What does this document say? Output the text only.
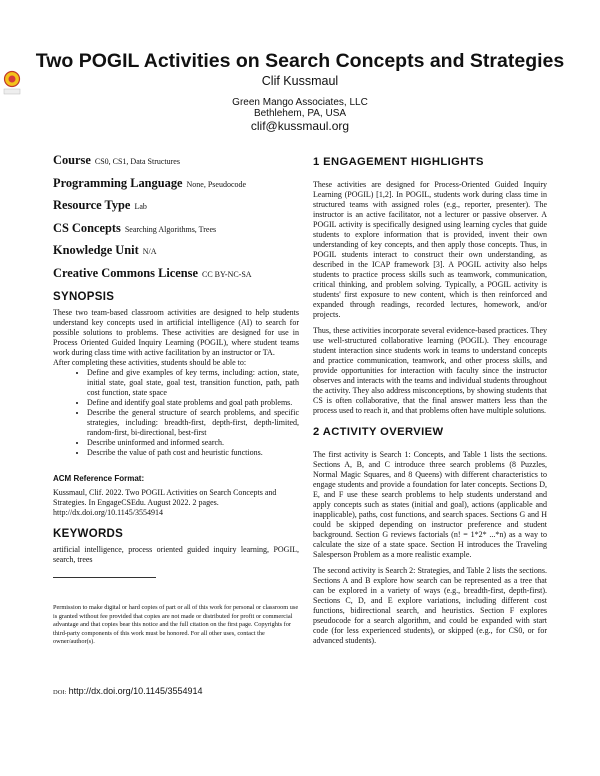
Two POGIL Activities on Search Concepts and Strategies
Clif Kussmaul
Green Mango Associates, LLC
Bethlehem, PA, USA
clif@kussmaul.org
Course CS0, CS1, Data Structures
Programming Language None, Pseudocode
Resource Type Lab
CS Concepts Searching Algorithms, Trees
Knowledge Unit N/A
Creative Commons License CC BY-NC-SA
SYNOPSIS

These two team-based classroom activities are designed to help students understand key concepts used in artificial intelligence (AI) to search for possible solutions to problems. These activities are designed for use in Process Oriented Guided Inquiry Learning (POGIL), where student teams work during class time with active facilitation by an instructor or TA.

After completing these activities, students should be able to:

• Define and give examples of key terms, including: action, state, initial state, goal state, goal test, transition function, path, path cost function, state space
• Define and identify goal state problems and goal path problems.
• Describe the general structure of search problems, and specific strategies, including: breadth-first, depth-first, depth-limited, random-first, bi-directional, best-first
• Describe uninformed and informed search.
• Describe the value of path cost and heuristic functions.
ACM Reference Format:

Kussmaul, Clif. 2022. Two POGIL Activities on Search Concepts and Strategies. In EngageCSEdu. August 2022. 2 pages. http://dx.doi.org/10.1145/3554914

KEYWORDS

artificial intelligence, process oriented guided inquiry learning, POGIL, search, trees

Permission to make digital or hard copies of part or all of this work for personal or classroom use is granted without fee provided that copies are not made or distributed for profit or commercial advantage and that copies bear this notice and the full citation on the first page. Copyrights for third-party components of this work must be honored. For all other uses, contact the owner/author(s).
DOI: http://dx.doi.org/10.1145/3554914
1 ENGAGEMENT HIGHLIGHTS

These activities are designed for Process-Oriented Guided Inquiry Learning (POGIL) [1,2]. In POGIL, students work during class time in structured teams with assigned roles (e.g., reporter, presenter). The instructor is an active facilitator, not a lecturer or passive observer. A POGIL activity is specifically designed using learning cycles that guide students to explore information that is provided, invent their own understanding of key concepts, and then apply those concepts. Thus, in POGIL students interact to construct their own understanding, as described in the ICAP framework [3]. A POGIL activity also helps students to practice process skills such as teamwork, communication, critical thinking, and problem solving. Typically, a POGIL activity is students' first exposure to new content, which is then reinforced and expanded through readings, recorded lectures, homework, and/or projects.

Thus, these activities incorporate several evidence-based practices. They use well-structured collaborative learning (POGIL). They encourage student interaction since students work in teams to understand concepts and practice communication, teamwork, and other process skills, and provide opportunities for interaction with faculty since the instructor observes and interacts with the teams and individual students throughout the activity. They also address misconceptions, by showing students that CS is often collaborative, that the final answer matters less than the process used to reach it, and that problems often have multiple solutions.

2 ACTIVITY OVERVIEW

The first activity is Search 1: Concepts, and Table 1 lists the sections. Sections A, B, and C introduce three search problems (8 Puzzles, Normal Magic Squares, and 8 Queens) with different characteristics to engage students and provide a foundation for later concepts. Sections D, E, and F use these search problems to help students understand and apply concepts such as states (initial and goal), actions (applicable and inapplicable), paths, cost functions, and search spaces. Sections G and H could be skipped depending on instructor preference and student background. Section G reviews factorials (n! = 1*2* ...*n) as a way to calculate the size of a state space. Section H introduces the Traveling Salesperson Problem as a more realistic example.

The second activity is Search 2: Strategies, and Table 2 lists the sections. Sections A and B explore how search can be represented as a tree that can be explored in a variety of ways (e.g., breadth-first, depth-first). Sections C, D, and E explore variations, including different cost functions, bidirectional search, and heuristics. Section F explores pseudocode for a search algorithm, and could be expanded with start code (for less experienced students), or skipped (e.g., for CS0, or for advanced students).
